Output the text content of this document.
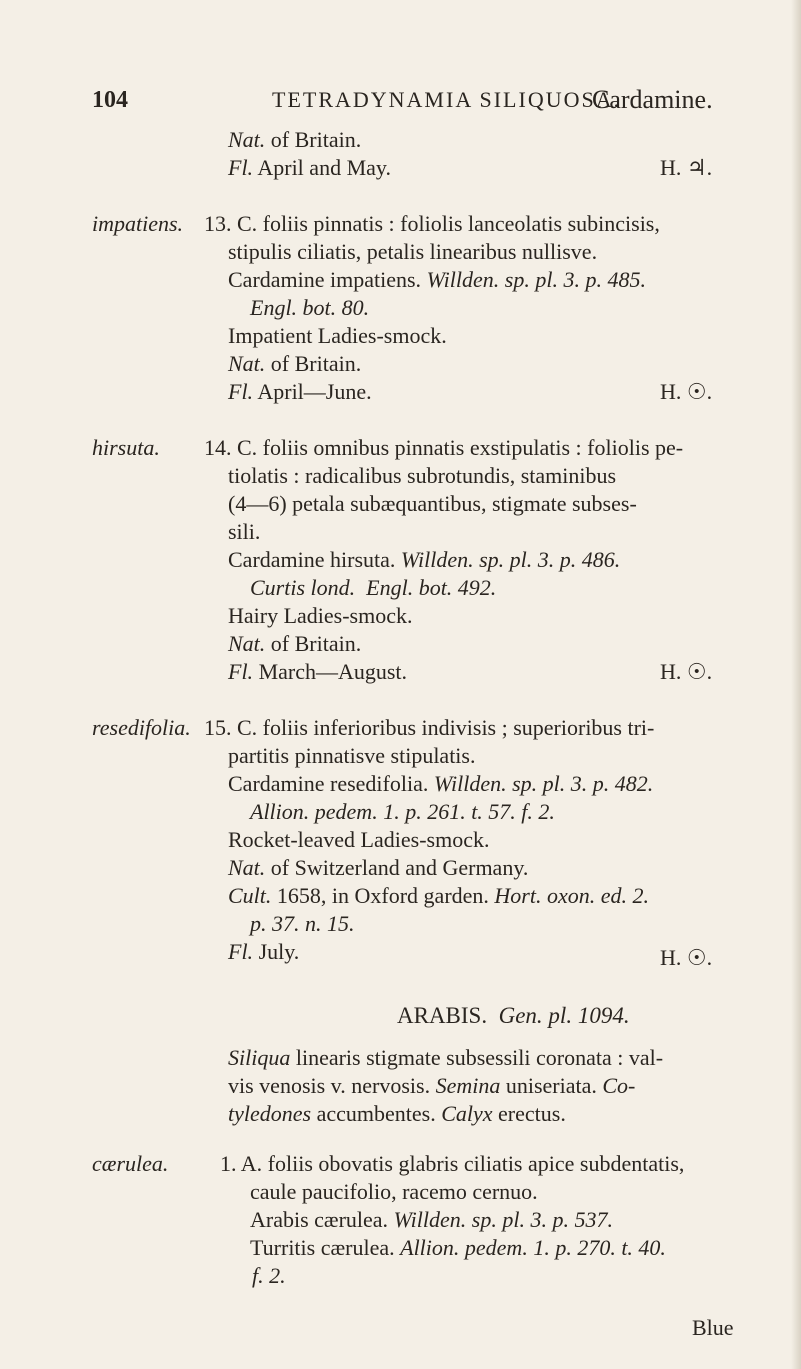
104	TETRADYNAMIA SILIQUOSA.
Cardamine.
Nat. of Britain.
Fl. April and May.	H. ♃.
impatiens. 13. C. foliis pinnatis : foliolis lanceolatis subincisis,
stipulis ciliatis, petalis linearibus nullisve.
Cardamine impatiens. Willden. sp. pl. 3. p. 485.
Engl. bot. 80.
Impatient Ladies-smock.
Nat. of Britain.
Fl. April—June.	H. ☉.
hirsuta. 14. C. foliis omnibus pinnatis exstipulatis : foliolis pe-
tiolatis : radicalibus subrotundis, staminibus
(4—6) petala subæquantibus, stigmate subses-
sili.
Cardamine hirsuta. Willden. sp. pl. 3. p. 486.
Curtis lond. Engl. bot. 492.
Hairy Ladies-smock.
Nat. of Britain.
Fl. March—August.	H. ☉.
resedifolia. 15. C. foliis inferioribus indivisis ; superioribus tri-
partitis pinnatisve stipulatis.
Cardamine resedifolia. Willden. sp. pl. 3. p. 482.
Allion. pedem. 1. p. 261. t. 57. f. 2.
Rocket-leaved Ladies-smock.
Nat. of Switzerland and Germany.
Cult. 1658, in Oxford garden. Hort. oxon. ed. 2.
p. 37. n. 15.
Fl. July.	H. ☉.
ARABIS. Gen. pl. 1094.
Siliqua linearis stigmate subsessili coronata : val-
vis venosis v. nervosis. Semina uniseriata. Co-
tyledones accumbentes. Calyx erectus.
cærulea. 1. A. foliis obovatis glabris ciliatis apice subdentatis,
caule paucifolio, racemo cernuo.
Arabis cærulea. Willden. sp. pl. 3. p. 537.
Turritis cærulea. Allion. pedem. 1. p. 270. t. 40.
f. 2.
Blue
